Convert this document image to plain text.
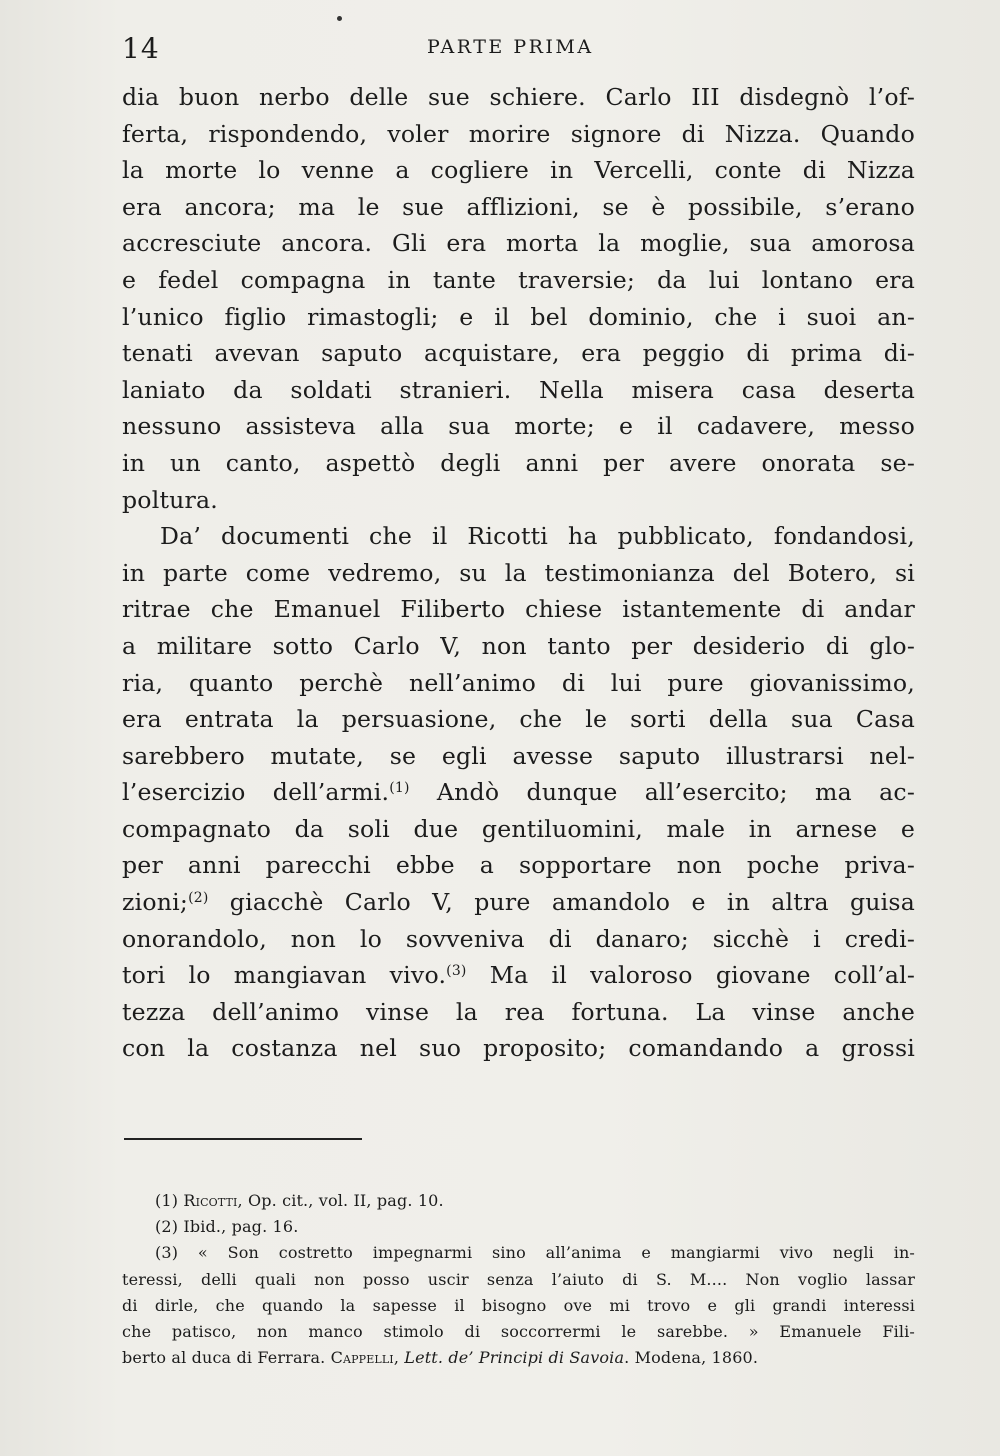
14	PARTE PRIMA
dia buon nerbo delle sue schiere. Carlo III disdegnò l’of-
ferta, rispondendo, voler morire signore di Nizza. Quando
la morte lo venne a cogliere in Vercelli, conte di Nizza
era ancora; ma le sue afflizioni, se è possibile, s’erano
accresciute ancora. Gli era morta la moglie, sua amorosa
e fedel compagna in tante traversie; da lui lontano era
l’unico figlio rimastogli; e il bel dominio, che i suoi an-
tenati avevan saputo acquistare, era peggio di prima di-
laniato da soldati stranieri. Nella misera casa deserta
nessuno assisteva alla sua morte; e il cadavere, messo
in un canto, aspettò degli anni per avere onorata se-
poltura.
Da’ documenti che il Ricotti ha pubblicato, fondandosi,
in parte come vedremo, su la testimonianza del Botero, si
ritrae che Emanuel Filiberto chiese istantemente di andar
a militare sotto Carlo V, non tanto per desiderio di glo-
ria, quanto perchè nell’animo di lui pure giovanissimo,
era entrata la persuasione, che le sorti della sua Casa
sarebbero mutate, se egli avesse saputo illustrarsi nel-
l’esercizio dell’armi.$^{(1)}$ Andò dunque all’esercito; ma ac-
compagnato da soli due gentiluomini, male in arnese e
per anni parecchi ebbe a sopportare non poche priva-
zioni;$^{(2)}$ giacchè Carlo V, pure amandolo e in altra guisa
onorandolo, non lo sovveniva di danaro; sicchè i credi-
tori lo mangiavan vivo.$^{(3)}$ Ma il valoroso giovane coll’al-
tezza dell’animo vinse la rea fortuna. La vinse anche
con la costanza nel suo proposito; comandando a grossi
(1) Ricotti, Op. cit., vol. II, pag. 10.
(2) Ibid., pag. 16.
(3) « Son costretto impegnarmi sino all’anima e mangiarmi vivo negli in-
teressi, delli quali non posso uscir senza l’aiuto di S. M.... Non voglio lassar
di dirle, che quando la sapesse il bisogno ove mi trovo e gli grandi interessi
che patisco, non manco stimolo di soccorrermi le sarebbe. » Emanuele Fili-
berto al duca di Ferrara. Cappelli, Lett. de’ Principi di Savoia. Modena, 1860.
